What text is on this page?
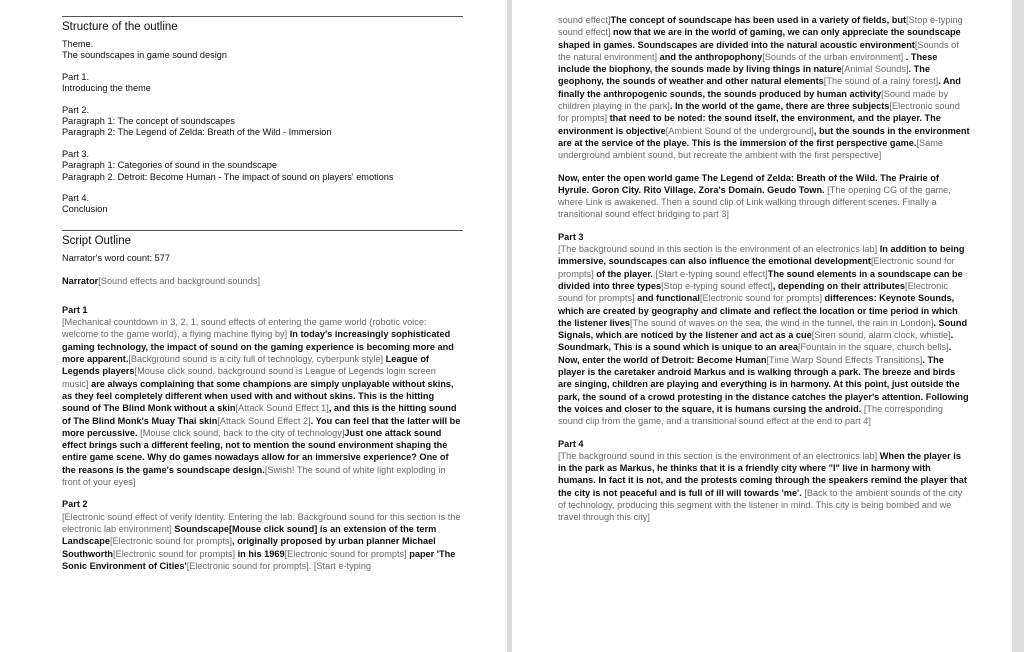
Structure of the outline
Theme.
The soundscapes in game sound design
Part 1.
Introducing the theme
Part 2.
Paragraph 1: The concept of soundscapes
Paragraph 2: The Legend of Zelda: Breath of the Wild - Immersion
Part 3.
Paragraph 1: Categories of sound in the soundscape
Paragraph 2. Detroit: Become Human - The impact of sound on players' emotions
Part 4.
Conclusion
Script Outline
Narrator's word count: 577
Narrator[Sound effects and background sounds]
Part 1
[Mechanical countdown in 3, 2, 1, sound effects of entering the game world (robotic voice: welcome to the game world), a flying machine flying by] In today's increasingly sophisticated gaming technology, the impact of sound on the gaming experience is becoming more and more apparent.[Background sound is a city full of technology, cyberpunk style] League of Legends players[Mouse click sound, background sound is League of Legends login screen music] are always complaining that some champions are simply unplayable without skins, as they feel completely different when used with and without skins. This is the hitting sound of The Blind Monk without a skin[Attack Sound Effect 1], and this is the hitting sound of The Blind Monk's Muay Thai skin[Attack Sound Effect 2]. You can feel that the latter will be more percussive. [Mouse click sound, back to the city of technology]Just one attack sound effect brings such a different feeling, not to mention the sound environment shaping the entire game scene. Why do games nowadays allow for an immersive experience? One of the reasons is the game's soundscape design.[Swish! The sound of white light exploding in front of your eyes]
Part 2
[Electronic sound effect of verify identity. Entering the lab. Background sound for this section is the electronic lab environment] Soundscape[Mouse click sound] is an extension of the term Landscape[Electronic sound for prompts], originally proposed by urban planner Michael Southworth[Electronic sound for prompts] in his 1969[Electronic sound for prompts] paper 'The Sonic Environment of Cities'[Electronic sound for prompts]. [Start e-typing
sound effect]The concept of soundscape has been used in a variety of fields, but[Stop e-typing sound effect] now that we are in the world of gaming, we can only appreciate the soundscape shaped in games. Soundscapes are divided into the natural acoustic environment[Sounds of the natural environment] and the anthropophony[Sounds of the urban environment] . These include the biophony, the sounds made by living things in nature[Animal Sounds]. The geophony, the sounds of weather and other natural elements[The sound of a rainy forest]. And finally the anthropogenic sounds, the sounds produced by human activity[Sound made by children playing in the park]. In the world of the game, there are three subjects[Electronic sound for prompts] that need to be noted: the sound itself, the environment, and the player. The environment is objective[Ambient Sound of the underground], but the sounds in the environment are at the service of the playe. This is the immersion of the first perspective game.[Same underground ambient sound, but recreate the ambient with the first perspective]
Now, enter the open world game The Legend of Zelda: Breath of the Wild. The Prairie of Hyrule. Goron City. Rito Village. Zora's Domain. Geudo Town. [The opening CG of the game, where Link is awakened. Then a sound clip of Link walking through different scenes. Finally a transitional sound effect bridging to part 3]
Part 3
[The background sound in this section is the environment of an electronics lab] In addition to being immersive, soundscapes can also influence the emotional development[Electronic sound for prompts] of the player. [Start e-typing sound effect]The sound elements in a soundscape can be divided into three types[Stop e-typing sound effect], depending on their attributes[Electronic sound for prompts] and functional[Electronic sound for prompts] differences: Keynote Sounds, which are created by geography and climate and reflect the location or time period in which the listener lives[The sound of waves on the sea, the wind in the tunnel, the rain in London]. Sound Signals, which are noticed by the listener and act as a cue[Siren sound, alarm clock, whistle]. Soundmark, This is a sound which is unique to an area[Fountain in the square, church bells]. Now, enter the world of Detroit: Become Human[Time Warp Sound Effects Transitions]. The player is the caretaker android Markus and is walking through a park. The breeze and birds are singing, children are playing and everything is in harmony. At this point, just outside the park, the sound of a crowd protesting in the distance catches the player's attention. Following the voices and closer to the square, it is humans cursing the android. [The corresponding sound clip from the game, and a transitional sound effect at the end to part 4]
Part 4
[The background sound in this section is the environment of an electronics lab] When the player is in the park as Markus, he thinks that it is a friendly city where "I" live in harmony with humans. In fact it is not, and the protests coming through the speakers remind the player that the city is not peaceful and is full of ill will towards 'me'. [Back to the ambient sounds of the city of technology, producing this segment with the listener in mind. This city is being bombed and we travel through this city]
